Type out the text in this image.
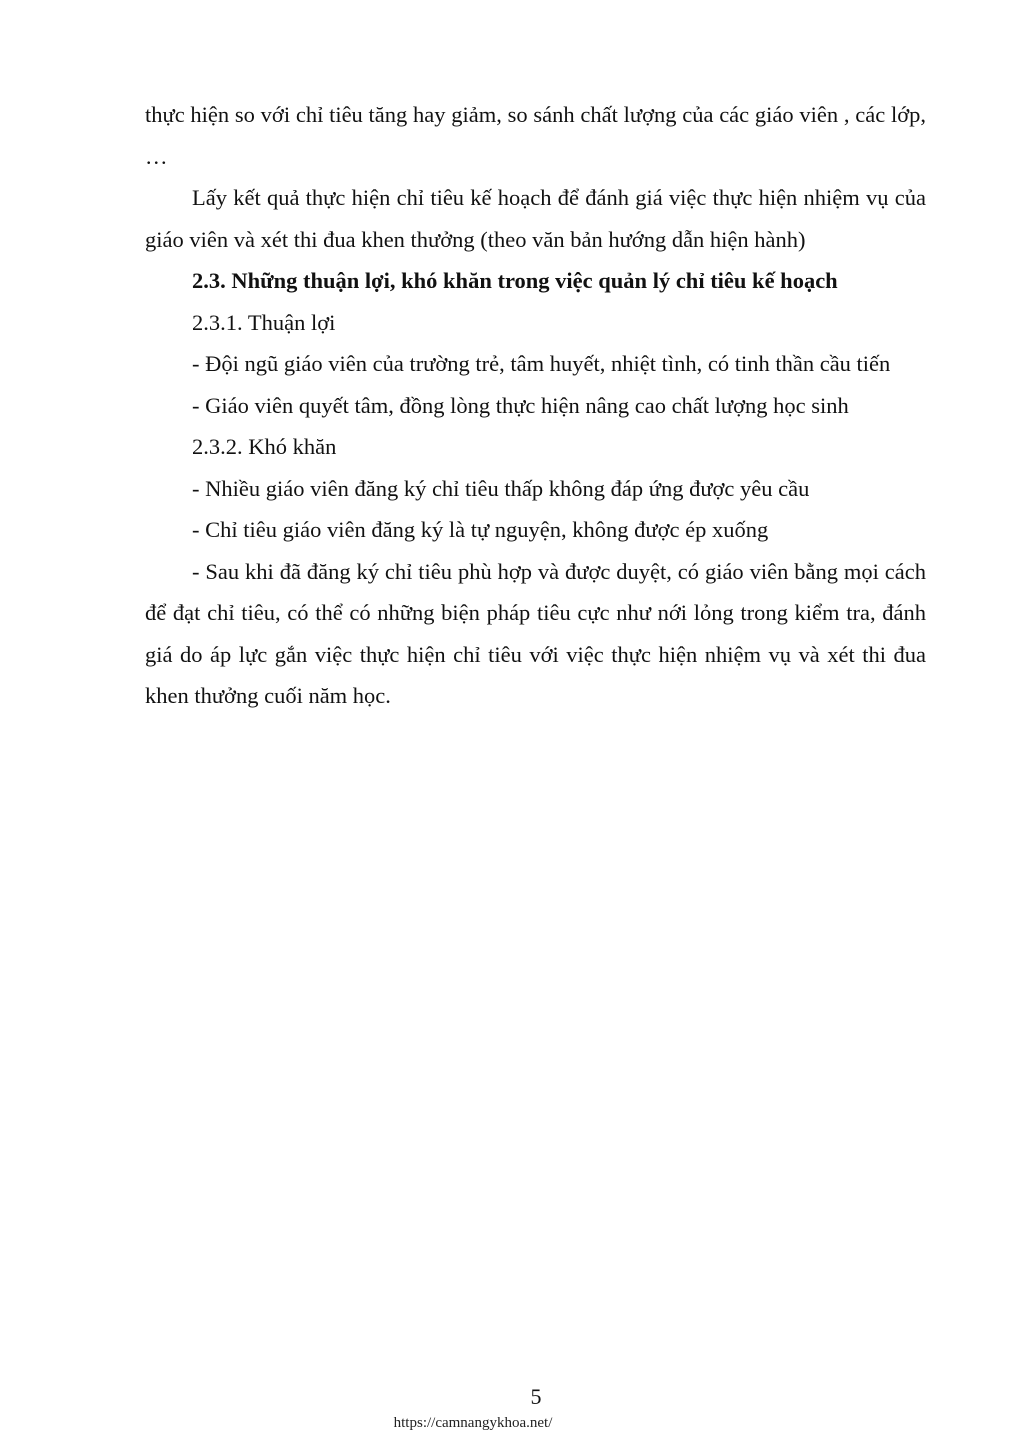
thực hiện so với chỉ tiêu tăng hay giảm, so sánh chất lượng của các giáo viên , các lớp, …

Lấy kết quả thực hiện chỉ tiêu kế hoạch để đánh giá việc thực hiện nhiệm vụ của giáo viên và xét thi đua khen thưởng (theo văn bản hướng dẫn hiện hành)

2.3. Những thuận lợi, khó khăn trong việc quản lý chỉ tiêu kế hoạch

2.3.1. Thuận lợi

- Đội ngũ giáo viên của trường trẻ, tâm huyết, nhiệt tình, có tinh thần cầu tiến

- Giáo viên quyết tâm, đồng lòng thực hiện nâng cao chất lượng học sinh

2.3.2. Khó khăn

- Nhiều giáo viên đăng ký chỉ tiêu thấp không đáp ứng được yêu cầu

- Chỉ tiêu giáo viên đăng ký là tự nguyện, không được ép xuống

- Sau khi đã đăng ký chỉ tiêu phù hợp và được duyệt, có giáo viên bằng mọi cách để đạt chỉ tiêu, có thể có những biện pháp tiêu cực như nới lỏng trong kiểm tra, đánh giá do áp lực gắn việc thực hiện chỉ tiêu với việc thực hiện nhiệm vụ và xét thi đua khen thưởng cuối năm học.

5
https://camnangykhoa.net/
